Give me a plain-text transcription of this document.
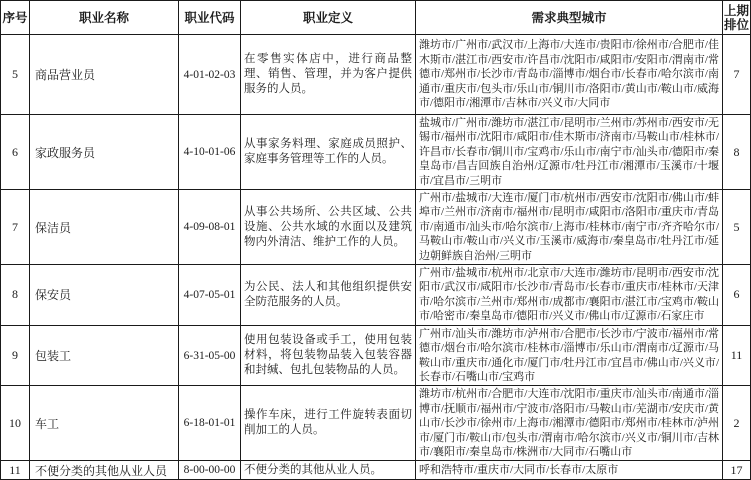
序号	职业名称	职业代码	职业定义	需求典型城市	上期
排位

5	商品营业员	4-01-02-03	在零售实体店中，进行商品整理、销售、管理，并为客户提供服务的人员。	潍坊市/广州市/武汉市/上海市/大连市/贵阳市/徐州市/合肥市/佳木斯市/湛江市/西安市/许昌市/沈阳市/咸阳市/安阳市/渭南市/常德市/郑州市/长沙市/青岛市/淄博市/烟台市/长春市/哈尔滨市/南通市/重庆市/包头市/乐山市/铜川市/洛阳市/黄山市/鞍山市/威海市/德阳市/湘潭市/吉林市/兴义市/大同市	7
6	家政服务员	4-10-01-06	从事家务料理、家庭成员照护、家庭事务管理等工作的人员。	盐城市/广州市/潍坊市/湛江市/昆明市/兰州市/苏州市/西安市/无锡市/福州市/沈阳市/咸阳市/佳木斯市/济南市/马鞍山市/桂林市/许昌市/长春市/铜川市/宝鸡市/乐山市/南宁市/汕头市/德阳市/秦皇岛市/昌吉回族自治州/辽源市/牡丹江市/湘潭市/玉溪市/十堰市/宜昌市/三明市	8
7	保洁员	4-09-08-01	从事公共场所、公共区域、公共设施、公共水域的水面以及建筑物内外清洁、维护工作的人员。	广州市/盐城市/大连市/厦门市/杭州市/西安市/沈阳市/佛山市/蚌埠市/兰州市/济南市/福州市/昆明市/咸阳市/洛阳市/重庆市/青岛市/南通市/汕头市/哈尔滨市/上海市/桂林市/南宁市/齐齐哈尔市/马鞍山市/鞍山市/兴义市/玉溪市/威海市/秦皇岛市/牡丹江市/延边朝鲜族自治州/三明市	5
8	保安员	4-07-05-01	为公民、法人和其他组织提供安全防范服务的人员。	广州市/盐城市/杭州市/北京市/大连市/潍坊市/昆明市/西安市/沈阳市/武汉市/咸阳市/长沙市/青岛市/长春市/重庆市/桂林市/天津市/哈尔滨市/兰州市/郑州市/成都市/襄阳市/湛江市/宝鸡市/鞍山市/哈密市/秦皇岛市/德阳市/兴义市/佛山市/辽源市/石家庄市	6
9	包装工	6-31-05-00	使用包装设备或手工，使用包装材料，将包装物品装入包装容器和封缄、包扎包装物品的人员。	广州市/汕头市/潍坊市/泸州市/合肥市/长沙市/宁波市/福州市/常德市/烟台市/哈尔滨市/桂林市/淄博市/乐山市/渭南市/辽源市/马鞍山市/重庆市/通化市/厦门市/牡丹江市/宜昌市/佛山市/兴义市/长春市/石嘴山市/宝鸡市	11
10	车工	6-18-01-01	操作车床，进行工件旋转表面切削加工的人员。	潍坊市/杭州市/合肥市/大连市/沈阳市/重庆市/汕头市/南通市/淄博市/抚顺市/福州市/宁波市/洛阳市/马鞍山市/芜湖市/安庆市/黄山市/长沙市/徐州市/上海市/湘潭市/德阳市/郑州市/桂林市/泸州市/厦门市/鞍山市/包头市/渭南市/哈尔滨市/兴义市/铜川市/吉林市/襄阳市/秦皇岛市/株洲市/大同市/石嘴山市	2
11	不便分类的其他从业人员	8-00-00-00	不便分类的其他从业人员。	呼和浩特市/重庆市/大同市/长春市/太原市	17
